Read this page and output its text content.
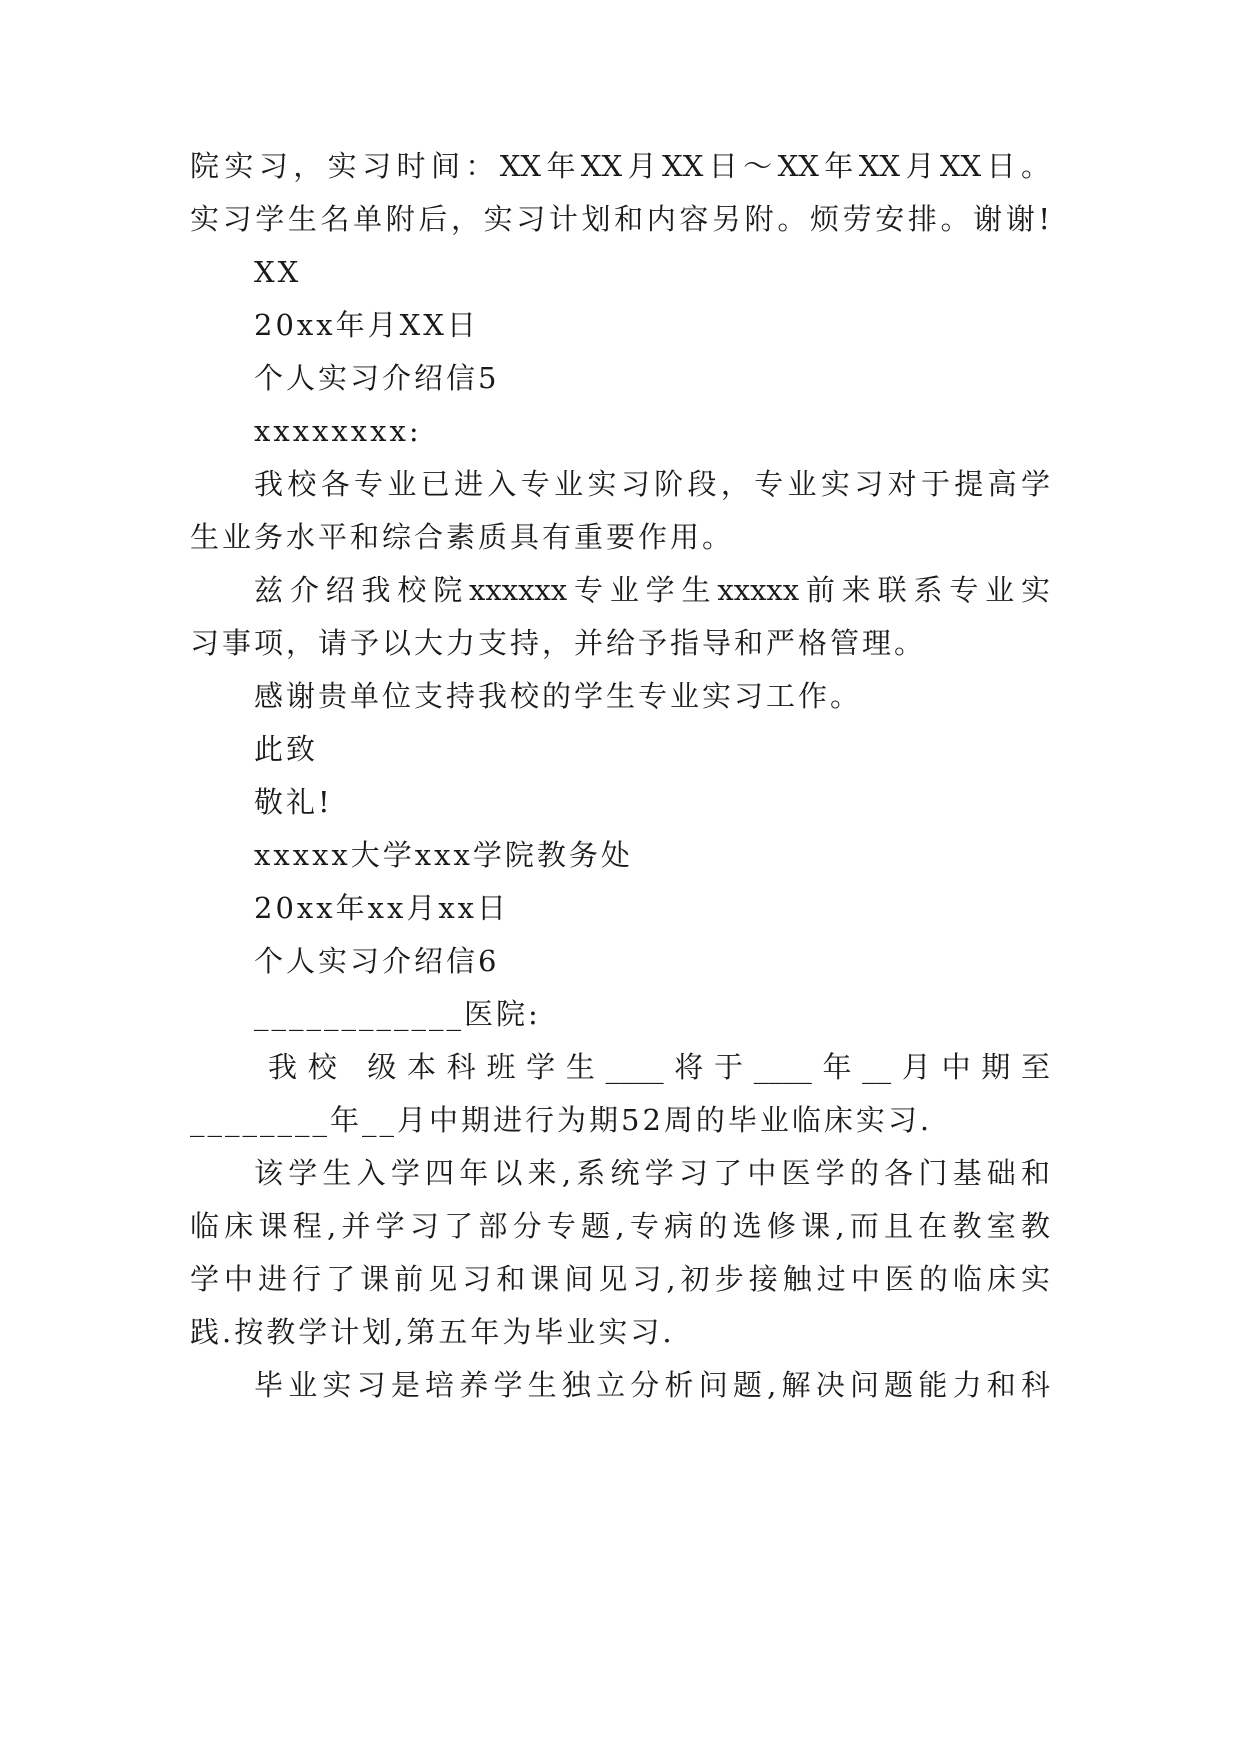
院实习，实习时间：XX年XX月XX日～XX年XX月XX日。

实习学生名单附后，实习计划和内容另附。烦劳安排。谢谢!

XX

20xx年月XX日

个人实习介绍信5

xxxxxxxx:

我校各专业已进入专业实习阶段，专业实习对于提高学

生业务水平和综合素质具有重要作用。

兹介绍我校院xxxxxx专业学生xxxxx前来联系专业实

习事项，请予以大力支持，并给予指导和严格管理。

感谢贵单位支持我校的学生专业实习工作。

此致

敬礼!

xxxxx大学xxx学院教务处

20xx年xx月xx日

个人实习介绍信6

____________医院:

我校 级本科班学生____将于____年__月中期至

________年__月中期进行为期52周的毕业临床实习.

该学生入学四年以来,系统学习了中医学的各门基础和

临床课程,并学习了部分专题,专病的选修课,而且在教室教

学中进行了课前见习和课间见习,初步接触过中医的临床实

践.按教学计划,第五年为毕业实习.

毕业实习是培养学生独立分析问题,解决问题能力和科
